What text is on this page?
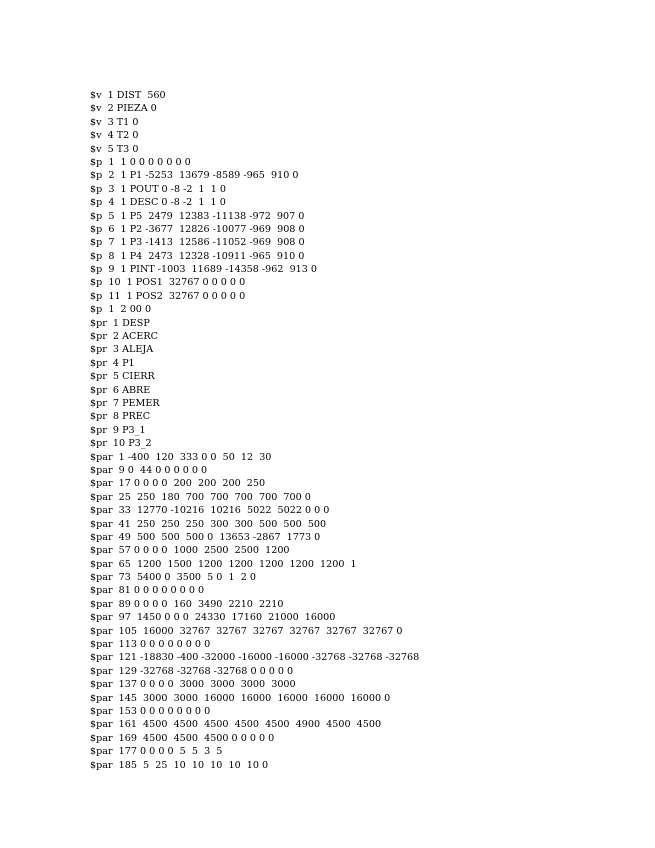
$v  1 DIST  560
$v  2 PIEZA 0
$v  3 T1 0
$v  4 T2 0
$v  5 T3 0
$p  1  1 0 0 0 0 0 0 0
$p  2  1 P1 -5253  13679 -8589 -965  910 0
$p  3  1 POUT 0 -8 -2  1  1 0
$p  4  1 DESC 0 -8 -2  1  1 0
$p  5  1 P5  2479  12383 -11138 -972  907 0
$p  6  1 P2 -3677  12826 -10077 -969  908 0
$p  7  1 P3 -1413  12586 -11052 -969  908 0
$p  8  1 P4  2473  12328 -10911 -965  910 0
$p  9  1 PINT -1003  11689 -14358 -962  913 0
$p  10  1 POS1  32767 0 0 0 0 0
$p  11  1 POS2  32767 0 0 0 0 0
$p  1  2 00 0
$pr  1 DESP
$pr  2 ACERC
$pr  3 ALEJA
$pr  4 P1
$pr  5 CIERR
$pr  6 ABRE
$pr  7 PEMER
$pr  8 PREC
$pr  9 P3_1
$pr  10 P3_2
$par  1 -400  120  333 0 0  50  12  30
$par  9 0  44 0 0 0 0 0 0
$par  17 0 0 0 0  200  200  200  250
$par  25  250  180  700  700  700  700  700 0
$par  33  12770 -10216  10216  5022  5022 0 0 0
$par  41  250  250  250  300  300  500  500  500
$par  49  500  500  500 0  13653 -2867  1773 0
$par  57 0 0 0 0  1000  2500  2500  1200
$par  65  1200  1500  1200  1200  1200  1200  1200  1
$par  73  5400 0  3500  5 0  1  2 0
$par  81 0 0 0 0 0 0 0 0
$par  89 0 0 0 0  160  3490  2210  2210
$par  97  1450 0 0 0  24330  17160  21000  16000
$par  105  16000  32767  32767  32767  32767  32767  32767 0
$par  113 0 0 0 0 0 0 0 0
$par  121 -18830 -400 -32000 -16000 -16000 -32768 -32768 -32768
$par  129 -32768 -32768 -32768 0 0 0 0 0
$par  137 0 0 0 0  3000  3000  3000  3000
$par  145  3000  3000  16000  16000  16000  16000  16000 0
$par  153 0 0 0 0 0 0 0 0
$par  161  4500  4500  4500  4500  4500  4900  4500  4500
$par  169  4500  4500  4500 0 0 0 0 0
$par  177 0 0 0 0  5  5  3  5
$par  185  5  25  10  10  10  10  10 0
